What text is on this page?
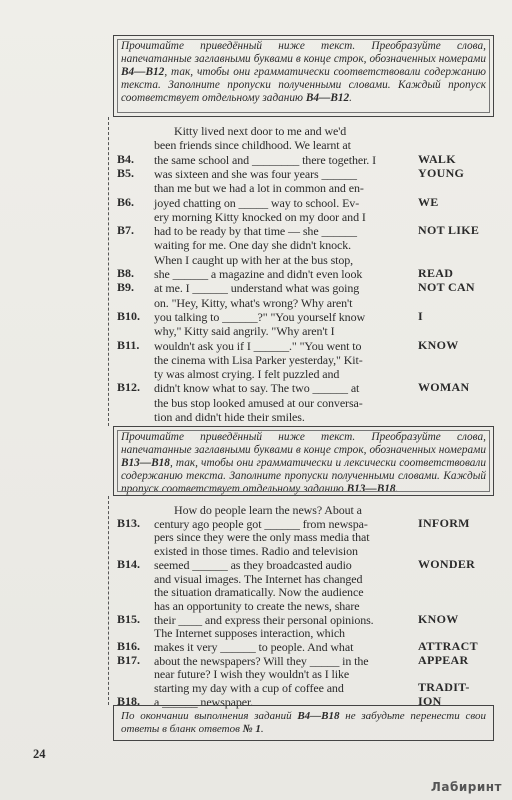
Прочитайте приведённый ниже текст. Преобразуйте слова, напечатанные заглавными буквами в конце строк, обозначенных номерами B4—B12, так, чтобы они грамматически соответствовали содержанию текста. Заполните пропуски полученными словами. Каждый пропуск соответствует отдельному заданию B4—B12.
Kitty lived next door to me and we'd
been friends since childhood. We learnt at
the same school and ________ there together. I
B4.	WALK
was sixteen and she was four years ______
B5.	YOUNG
than me but we had a lot in common and en-
joyed chatting on _____ way to school. Ev-
B6.	WE
ery morning Kitty knocked on my door and I
had to be ready by that time — she ______
B7.	NOT LIKE
waiting for me. One day she didn't knock.
When I caught up with her at the bus stop,
she ______ a magazine and didn't even look
B8.	READ
at me. I ______ understand what was going
B9.	NOT CAN
on. "Hey, Kitty, what's wrong? Why aren't
you talking to ______?" "You yourself know
B10.	I
why," Kitty said angrily. "Why aren't I
wouldn't ask you if I ______." "You went to
B11.	KNOW
the cinema with Lisa Parker yesterday," Kit-
ty was almost crying. I felt puzzled and
didn't know what to say. The two ______ at
B12.	WOMAN
the bus stop looked amused at our conversa-
tion and didn't hide their smiles.
Прочитайте приведённый ниже текст. Преобразуйте слова, напечатанные заглавными буквами в конце строк, обозначенных номерами B13—B18, так, чтобы они грамматически и лексически соответствовали содержанию текста. Заполните пропуски полученными словами. Каждый пропуск соответствует отдельному заданию B13—B18.
How do people learn the news? About a
century ago people got ______ from newspa-
B13.	INFORM
pers since they were the only mass media that
existed in those times. Radio and television
seemed ______ as they broadcasted audio
B14.	WONDER
and visual images. The Internet has changed
the situation dramatically. Now the audience
has an opportunity to create the news, share
their ____ and express their personal opinions.
B15.	KNOW
The Internet supposes interaction, which
makes it very ______ to people. And what
B16.	ATTRACT
about the newspapers? Will they _____ in the
B17.	APPEAR
near future? I wish they wouldn't as I like
starting my day with a cup of coffee and	TRADIT-
a ______ newspaper.
B18.	ION
По окончании выполнения заданий B4—B18 не забудьте перенести свои ответы в бланк ответов № 1.
24
Лабиринт
